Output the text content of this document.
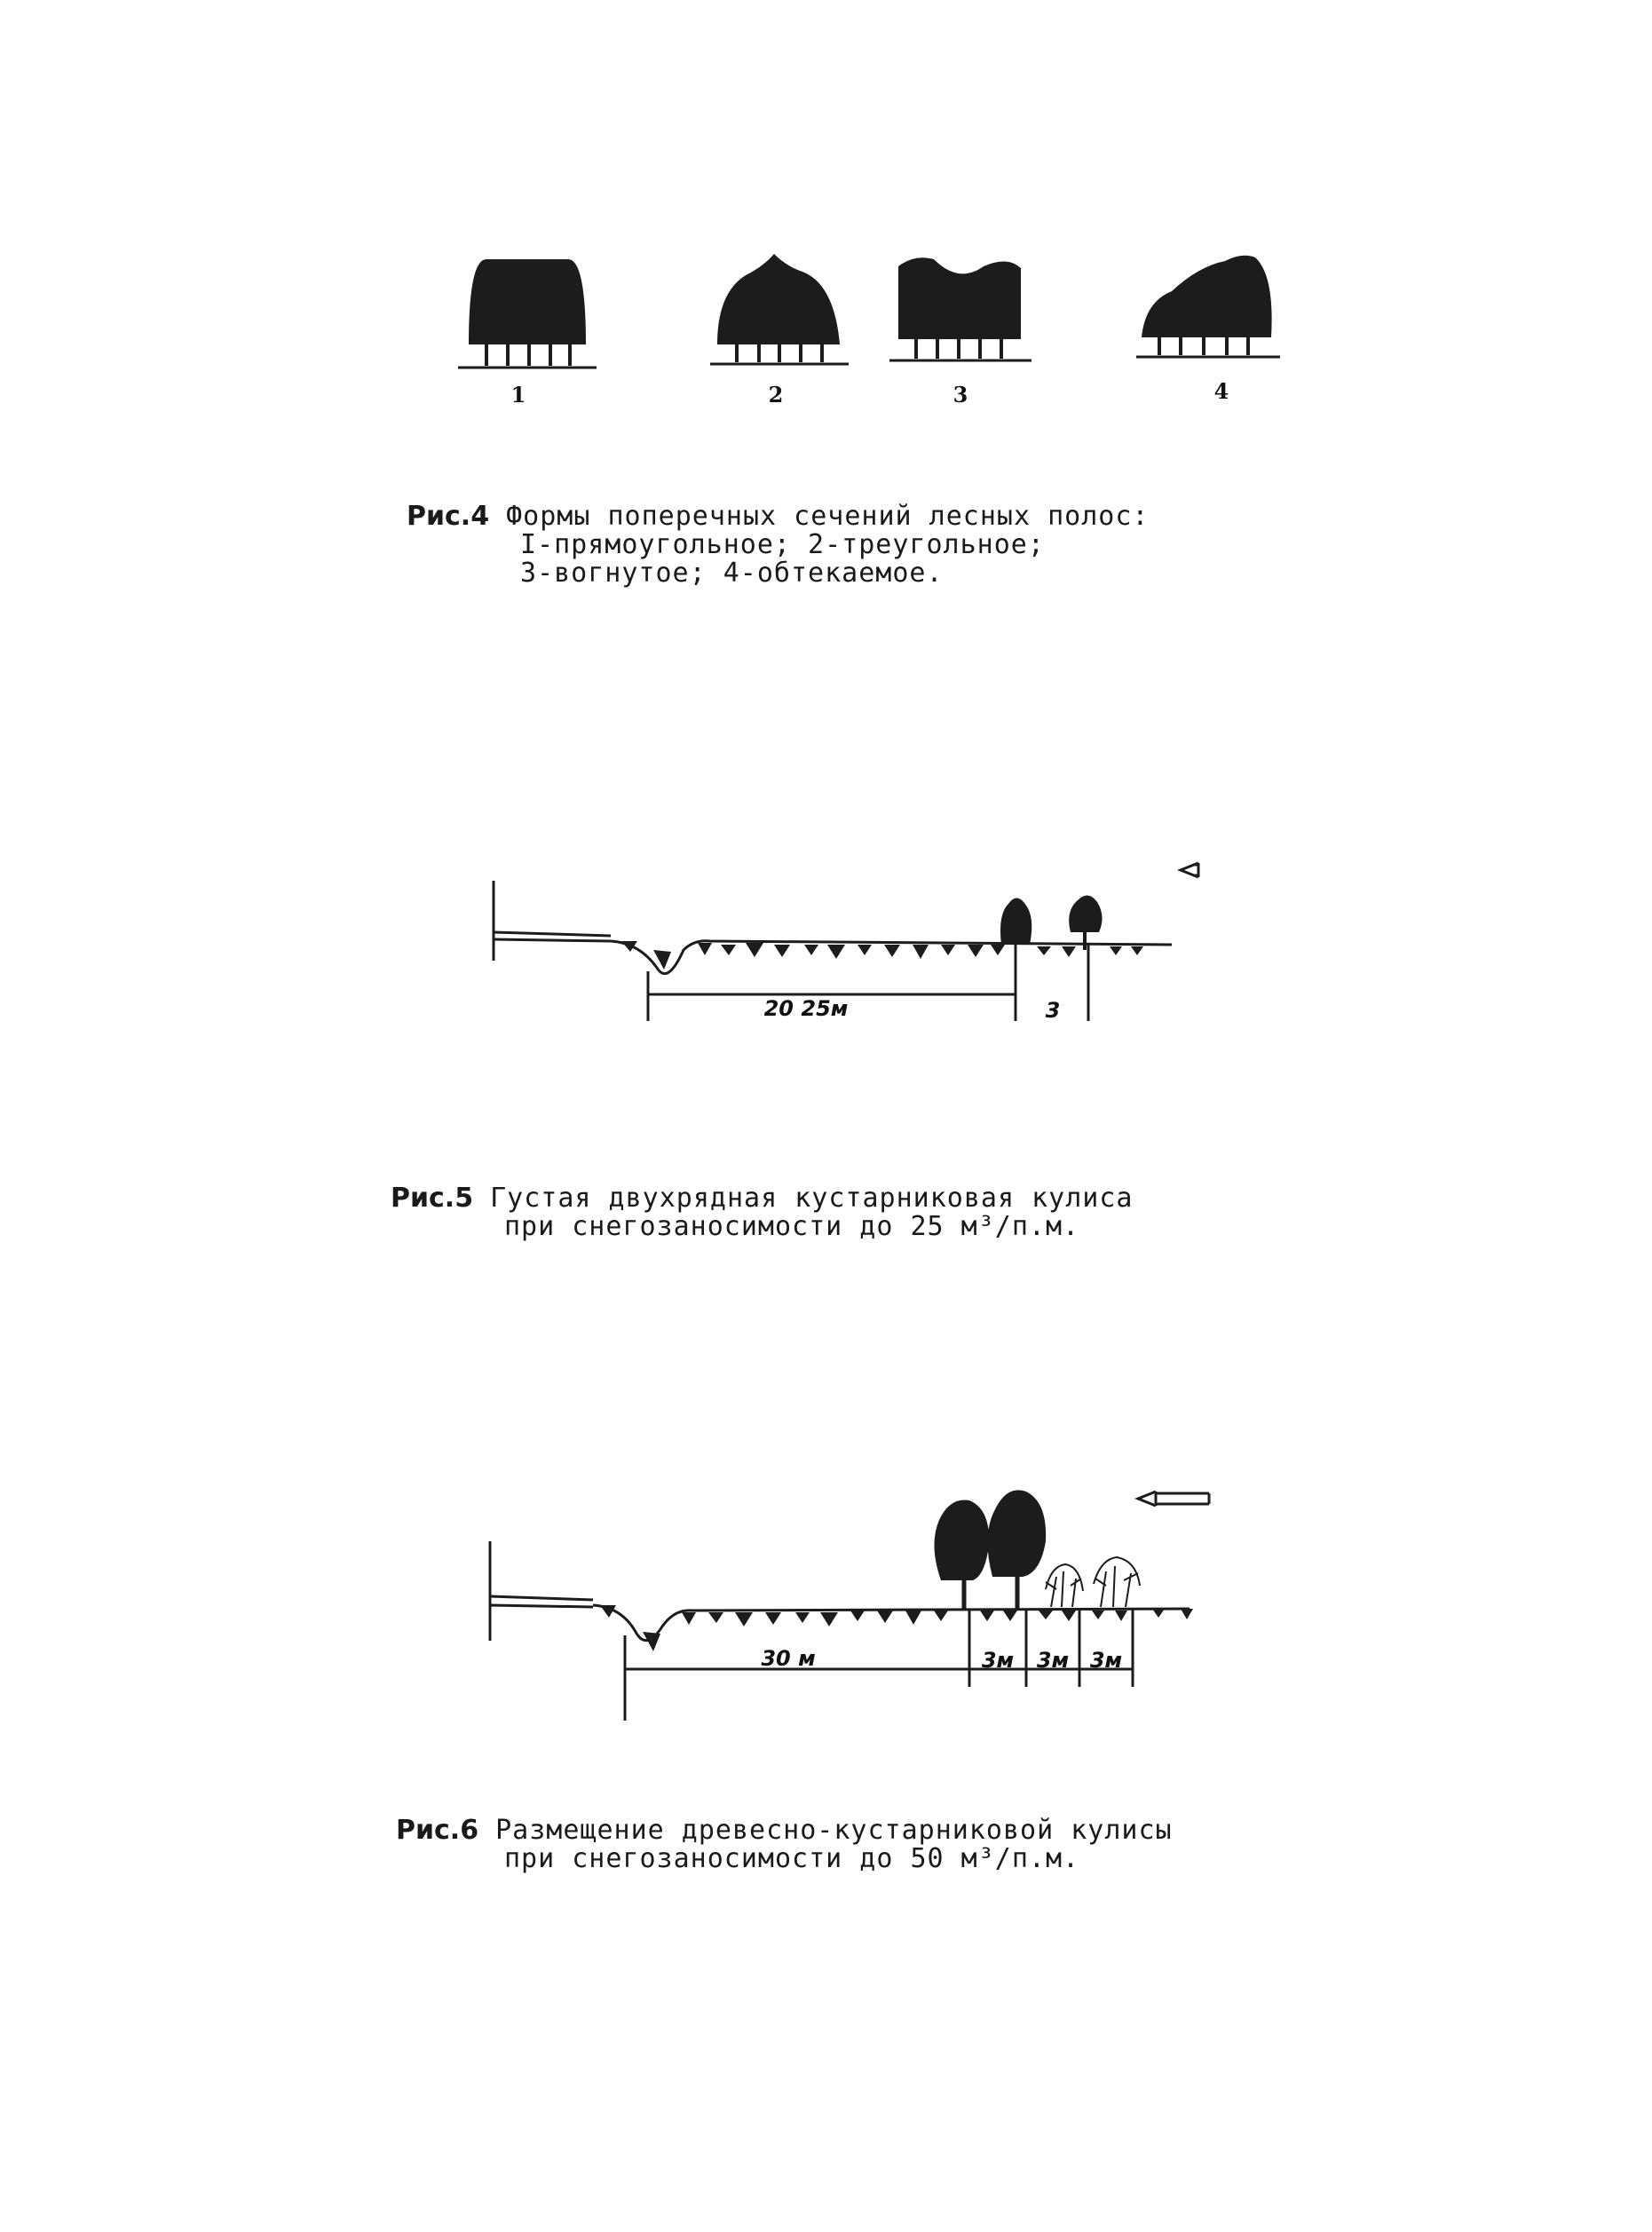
1	2	3	4
Рис.4 Формы поперечных сечений лесных полос:
I-прямоугольное; 2-треугольное;
3-вогнутое; 4-обтекаемое.
20 25м	3
Рис.5 Густая двухрядная кустарниковая кулиса
при снегозаносимости до 25 м³/п.м.
30 м	3м 3м 3м
Рис.6 Размещение древесно-кустарниковой кулисы
при снегозаносимости до 50 м³/п.м.
